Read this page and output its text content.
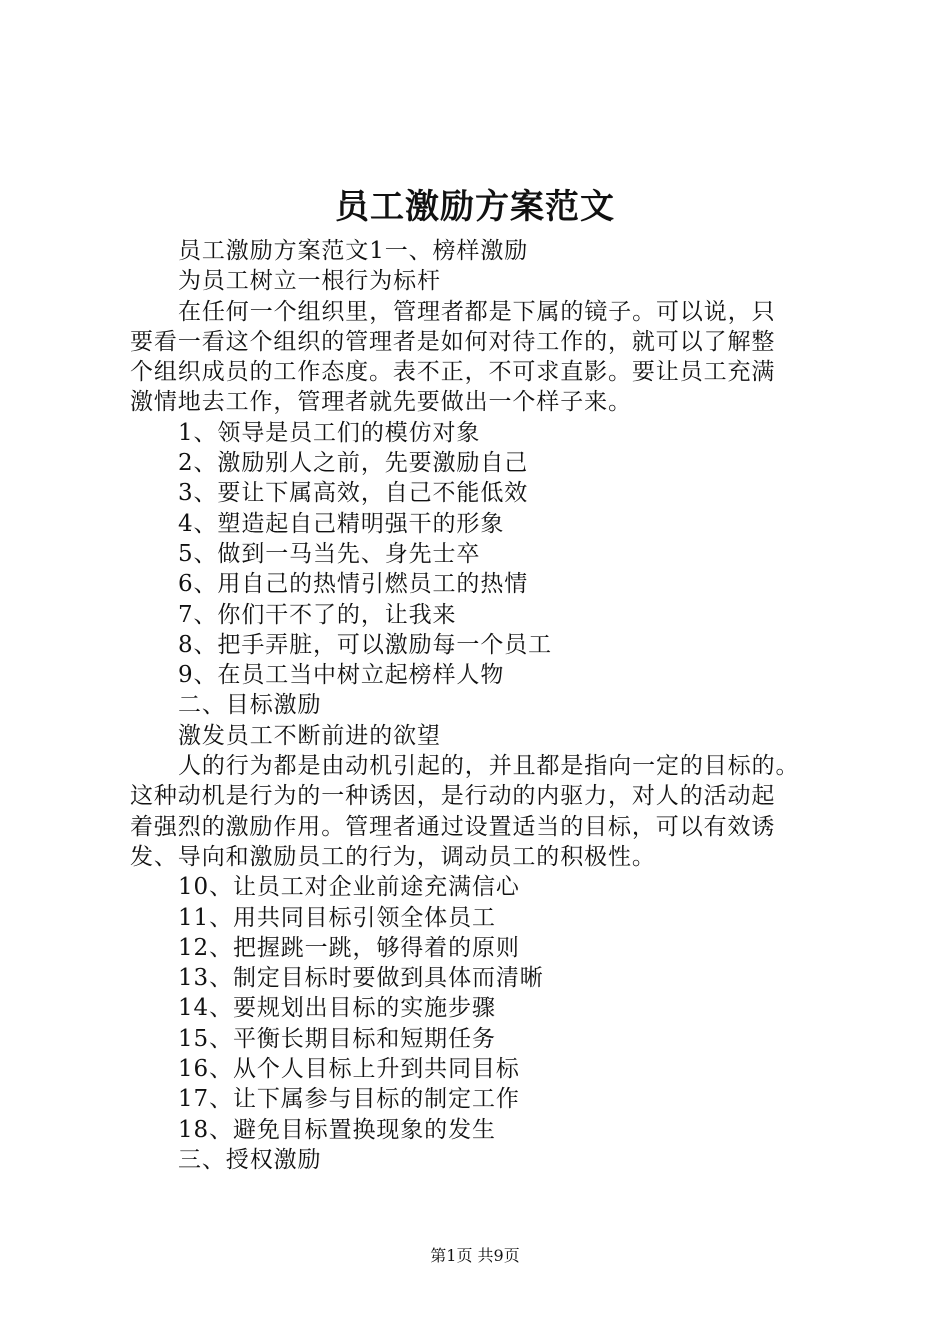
员工激励方案范文
员工激励方案范文1一、榜样激励
为员工树立一根行为标杆
在任何一个组织里，管理者都是下属的镜子。可以说，只
要看一看这个组织的管理者是如何对待工作的，就可以了解整
个组织成员的工作态度。表不正，不可求直影。要让员工充满
激情地去工作，管理者就先要做出一个样子来。
1、领导是员工们的模仿对象
2、激励别人之前，先要激励自己
3、要让下属高效，自己不能低效
4、塑造起自己精明强干的形象
5、做到一马当先、身先士卒
6、用自己的热情引燃员工的热情
7、你们干不了的，让我来
8、把手弄脏，可以激励每一个员工
9、在员工当中树立起榜样人物
二、目标激励
激发员工不断前进的欲望
人的行为都是由动机引起的，并且都是指向一定的目标的。
这种动机是行为的一种诱因，是行动的内驱力，对人的活动起
着强烈的激励作用。管理者通过设置适当的目标，可以有效诱
发、导向和激励员工的行为，调动员工的积极性。
10、让员工对企业前途充满信心
11、用共同目标引领全体员工
12、把握跳一跳，够得着的原则
13、制定目标时要做到具体而清晰
14、要规划出目标的实施步骤
15、平衡长期目标和短期任务
16、从个人目标上升到共同目标
17、让下属参与目标的制定工作
18、避免目标置换现象的发生
三、授权激励
第1页 共9页
